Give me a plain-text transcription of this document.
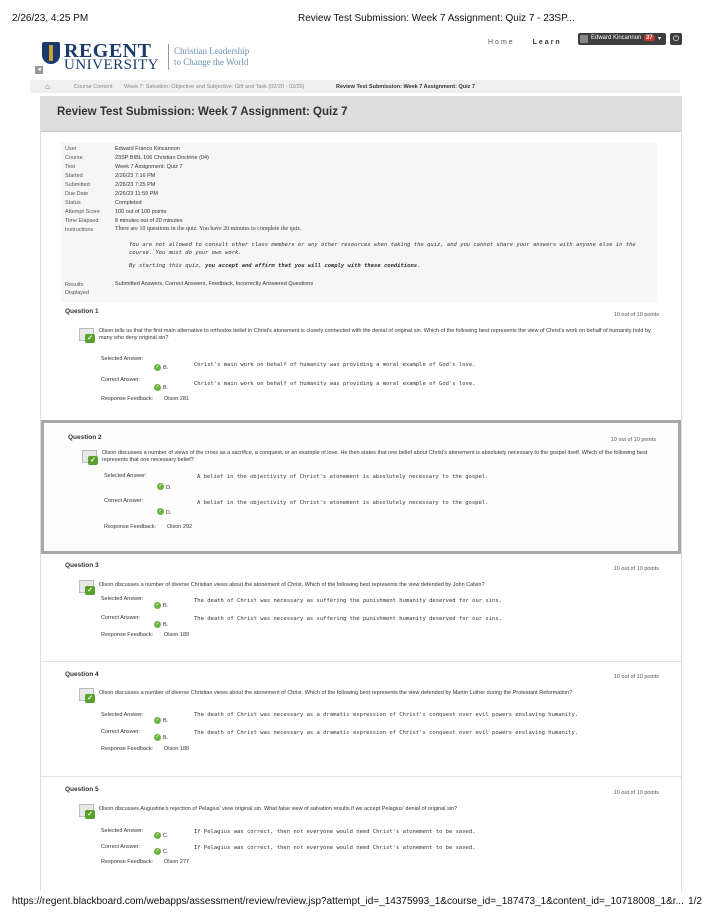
2/26/23, 4:25 PM	Review Test Submission: Week 7 Assignment: Quiz 7 - 23SP...
REGENT
UNIVERSITY
Christian Leadership
to Change the World
Home	Learn
Edward Kincannon 37 ▾	⏻
◂
⌂	Course Content Week 7: Salvation: Objective and Subjective: Gift and Task (02/20 - 02/26)	Review Test Submission: Week 7 Assignment: Quiz 7
Review Test Submission: Week 7 Assignment: Quiz 7
User	Edward Franco Kincannon
Course	23SP BIBL 106 Christian Doctrine (04)
Test	Week 7 Assignment: Quiz 7
Started	2/26/23 7:16 PM
Submitted	2/26/23 7:25 PM
Due Date	2/26/23 11:59 PM
Status	Completed
Attempt Score	100 out of 100 points
Time Elapsed	8 minutes out of 20 minutes
Instructions	There are 10 questions in the quiz. You have 20 minutes to complete the quiz.
You are not allowed to consult other class members or any other resources when taking the quiz, and you cannot share your answers with anyone else in the course. You must do your own work.
By starting this quiz, you accept and affirm that you will comply with these conditions.
Results Displayed
Submitted Answers, Correct Answers, Feedback, Incorrectly Answered Questions
Question 1	10 out of 10 points
✓
Olson tells us that the first main alternative to orthodox belief in Christ's atonement is closely connected with the denial of original sin. Which of the following best represents the view of Christ's work on behalf of humanity hold by many who deny original sin?
Selected Answer:
✓ B.	Christ's main work on behalf of humanity was providing a moral example of God's love.
Correct Answer:
✓ B.
Christ's main work on behalf of humanity was providing a moral example of God's love.
Response Feedback: Olson 281
Question 2	10 out of 10 points
✓
Olson discusses a number of views of the cross as a sacrifice, a conquest, or an example of love. He then states that one belief about Christ's atonement is absolutely necessary to the gospel itself. Which of the following best represents that one necessary belief?
Selected Answer:
✓ D.
A belief in the objectivity of Christ's atonement is absolutely necessary to the gospel.
Correct Answer:
✓ D.
A belief in the objectivity of Christ's atonement is absolutely necessary to the gospel.
Response Feedback: Olson 292
Question 3	10 out of 10 points
✓
Olson discusses a number of diverse Christian views about the atonement of Christ. Which of the following best represents the view defended by John Calvin?
Selected Answer:
✓ B.
The death of Christ was necessary as suffering the punishment humanity deserved for our sins.
Correct Answer:
✓ B.
The death of Christ was necessary as suffering the punishment humanity deserved for our sins.
Response Feedback: Olson 189
Question 4	10 out of 10 points
✓
Olson discusses a number of diverse Christian views about the atonement of Christ. Which of the following best represents the view defended by Martin Luther during the Protestant Reformation?
Selected Answer:
✓ B.
The death of Christ was necessary as a dramatic expression of Christ's conquest over evil powers enslaving humanity.
Correct Answer:
✓ B.
The death of Christ was necessary as a dramatic expression of Christ's conquest over evil powers enslaving humanity.
Response Feedback: Olson 188
Question 5	10 out of 10 points
✓
Olson discusses Augustine's rejection of Pelagius' view original sin. What false view of salvation results if we accept Pelagius' denial of original sin?
Selected Answer:
✓ C.
If Pelagius was correct, then not everyone would need Christ's atonement to be saved.
Correct Answer:
✓ C.
If Pelagius was correct, then not everyone would need Christ's atonement to be saved.
Response Feedback: Olson 277
https://regent.blackboard.com/webapps/assessment/review/review.jsp?attempt_id=_14375993_1&course_id=_187473_1&content_id=_10718008_1&r... 1/2
